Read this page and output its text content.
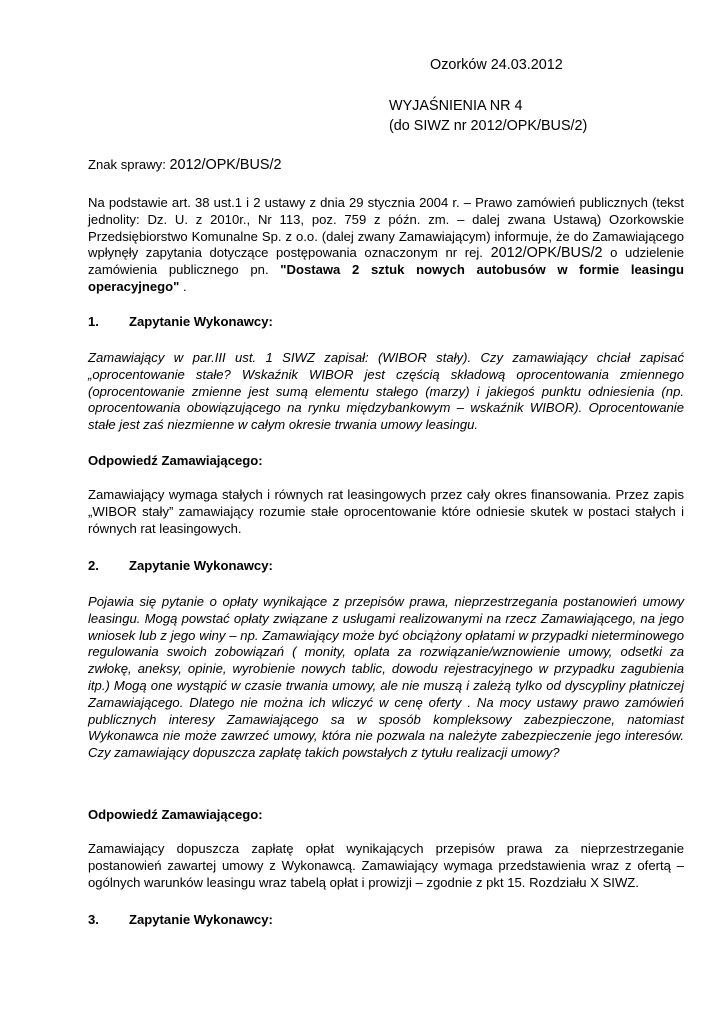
Ozorków 24.03.2012
WYJAŚNIENIA NR 4
(do SIWZ nr 2012/OPK/BUS/2)
Znak sprawy: 2012/OPK/BUS/2
Na podstawie art. 38 ust.1 i 2 ustawy z dnia 29 stycznia 2004 r. – Prawo zamówień publicznych (tekst jednolity: Dz. U. z 2010r., Nr 113, poz. 759 z późn. zm. – dalej zwana Ustawą) Ozorkowskie Przedsiębiorstwo Komunalne Sp. z o.o. (dalej zwany Zamawiającym) informuje, że do Zamawiającego wpłynęły zapytania dotyczące postępowania oznaczonym nr rej. 2012/OPK/BUS/2 o udzielenie zamówienia publicznego pn. "Dostawa 2 sztuk nowych autobusów w formie leasingu operacyjnego" .
1. Zapytanie Wykonawcy:
Zamawiający w par.III ust. 1 SIWZ zapisał: (WIBOR stały). Czy zamawiający chciał zapisać „oprocentowanie stałe? Wskaźnik WIBOR jest częścią składową oprocentowania zmiennego (oprocentowanie zmienne jest sumą elementu stałego (marzy) i jakiegoś punktu odniesienia (np. oprocentowania obowiązującego na rynku międzybankowym – wskaźnik WIBOR). Oprocentowanie stałe jest zaś niezmienne w całym okresie trwania umowy leasingu.
Odpowiedź Zamawiającego:
Zamawiający wymaga stałych i równych rat leasingowych przez cały okres finansowania. Przez zapis „WIBOR stały” zamawiający rozumie stałe oprocentowanie które odniesie skutek w postaci stałych i równych rat leasingowych.
2. Zapytanie Wykonawcy:
Pojawia się pytanie o opłaty wynikające z przepisów prawa, nieprzestrzegania postanowień umowy leasingu. Mogą powstać opłaty związane z usługami realizowanymi na rzecz Zamawiającego, na jego wniosek lub z jego winy – np. Zamawiający może być obciążony opłatami w przypadki nieterminowego regulowania swoich zobowiązań ( monity, oplata za rozwiązanie/wznowienie umowy, odsetki za zwłokę, aneksy, opinie, wyrobienie nowych tablic, dowodu rejestracyjnego w przypadku zagubienia itp.) Mogą one wystąpić w czasie trwania umowy, ale nie muszą i zależą tylko od dyscypliny płatniczej Zamawiającego. Dlatego nie można ich wliczyć w cenę oferty . Na mocy ustawy prawo zamówień publicznych interesy Zamawiającego sa w sposób kompleksowy zabezpieczone, natomiast Wykonawca nie może zawrzeć umowy, która nie pozwala na należyte zabezpieczenie jego interesów. Czy zamawiający dopuszcza zapłatę takich powstałych z tytułu realizacji umowy?
Odpowiedź Zamawiającego:
Zamawiający dopuszcza zapłatę opłat wynikających przepisów prawa za nieprzestrzeganie postanowień zawartej umowy z Wykonawcą. Zamawiający wymaga przedstawienia wraz z ofertą – ogólnych warunków leasingu wraz tabelą opłat i prowizji – zgodnie z pkt 15. Rozdziału X SIWZ.
3. Zapytanie Wykonawcy:
